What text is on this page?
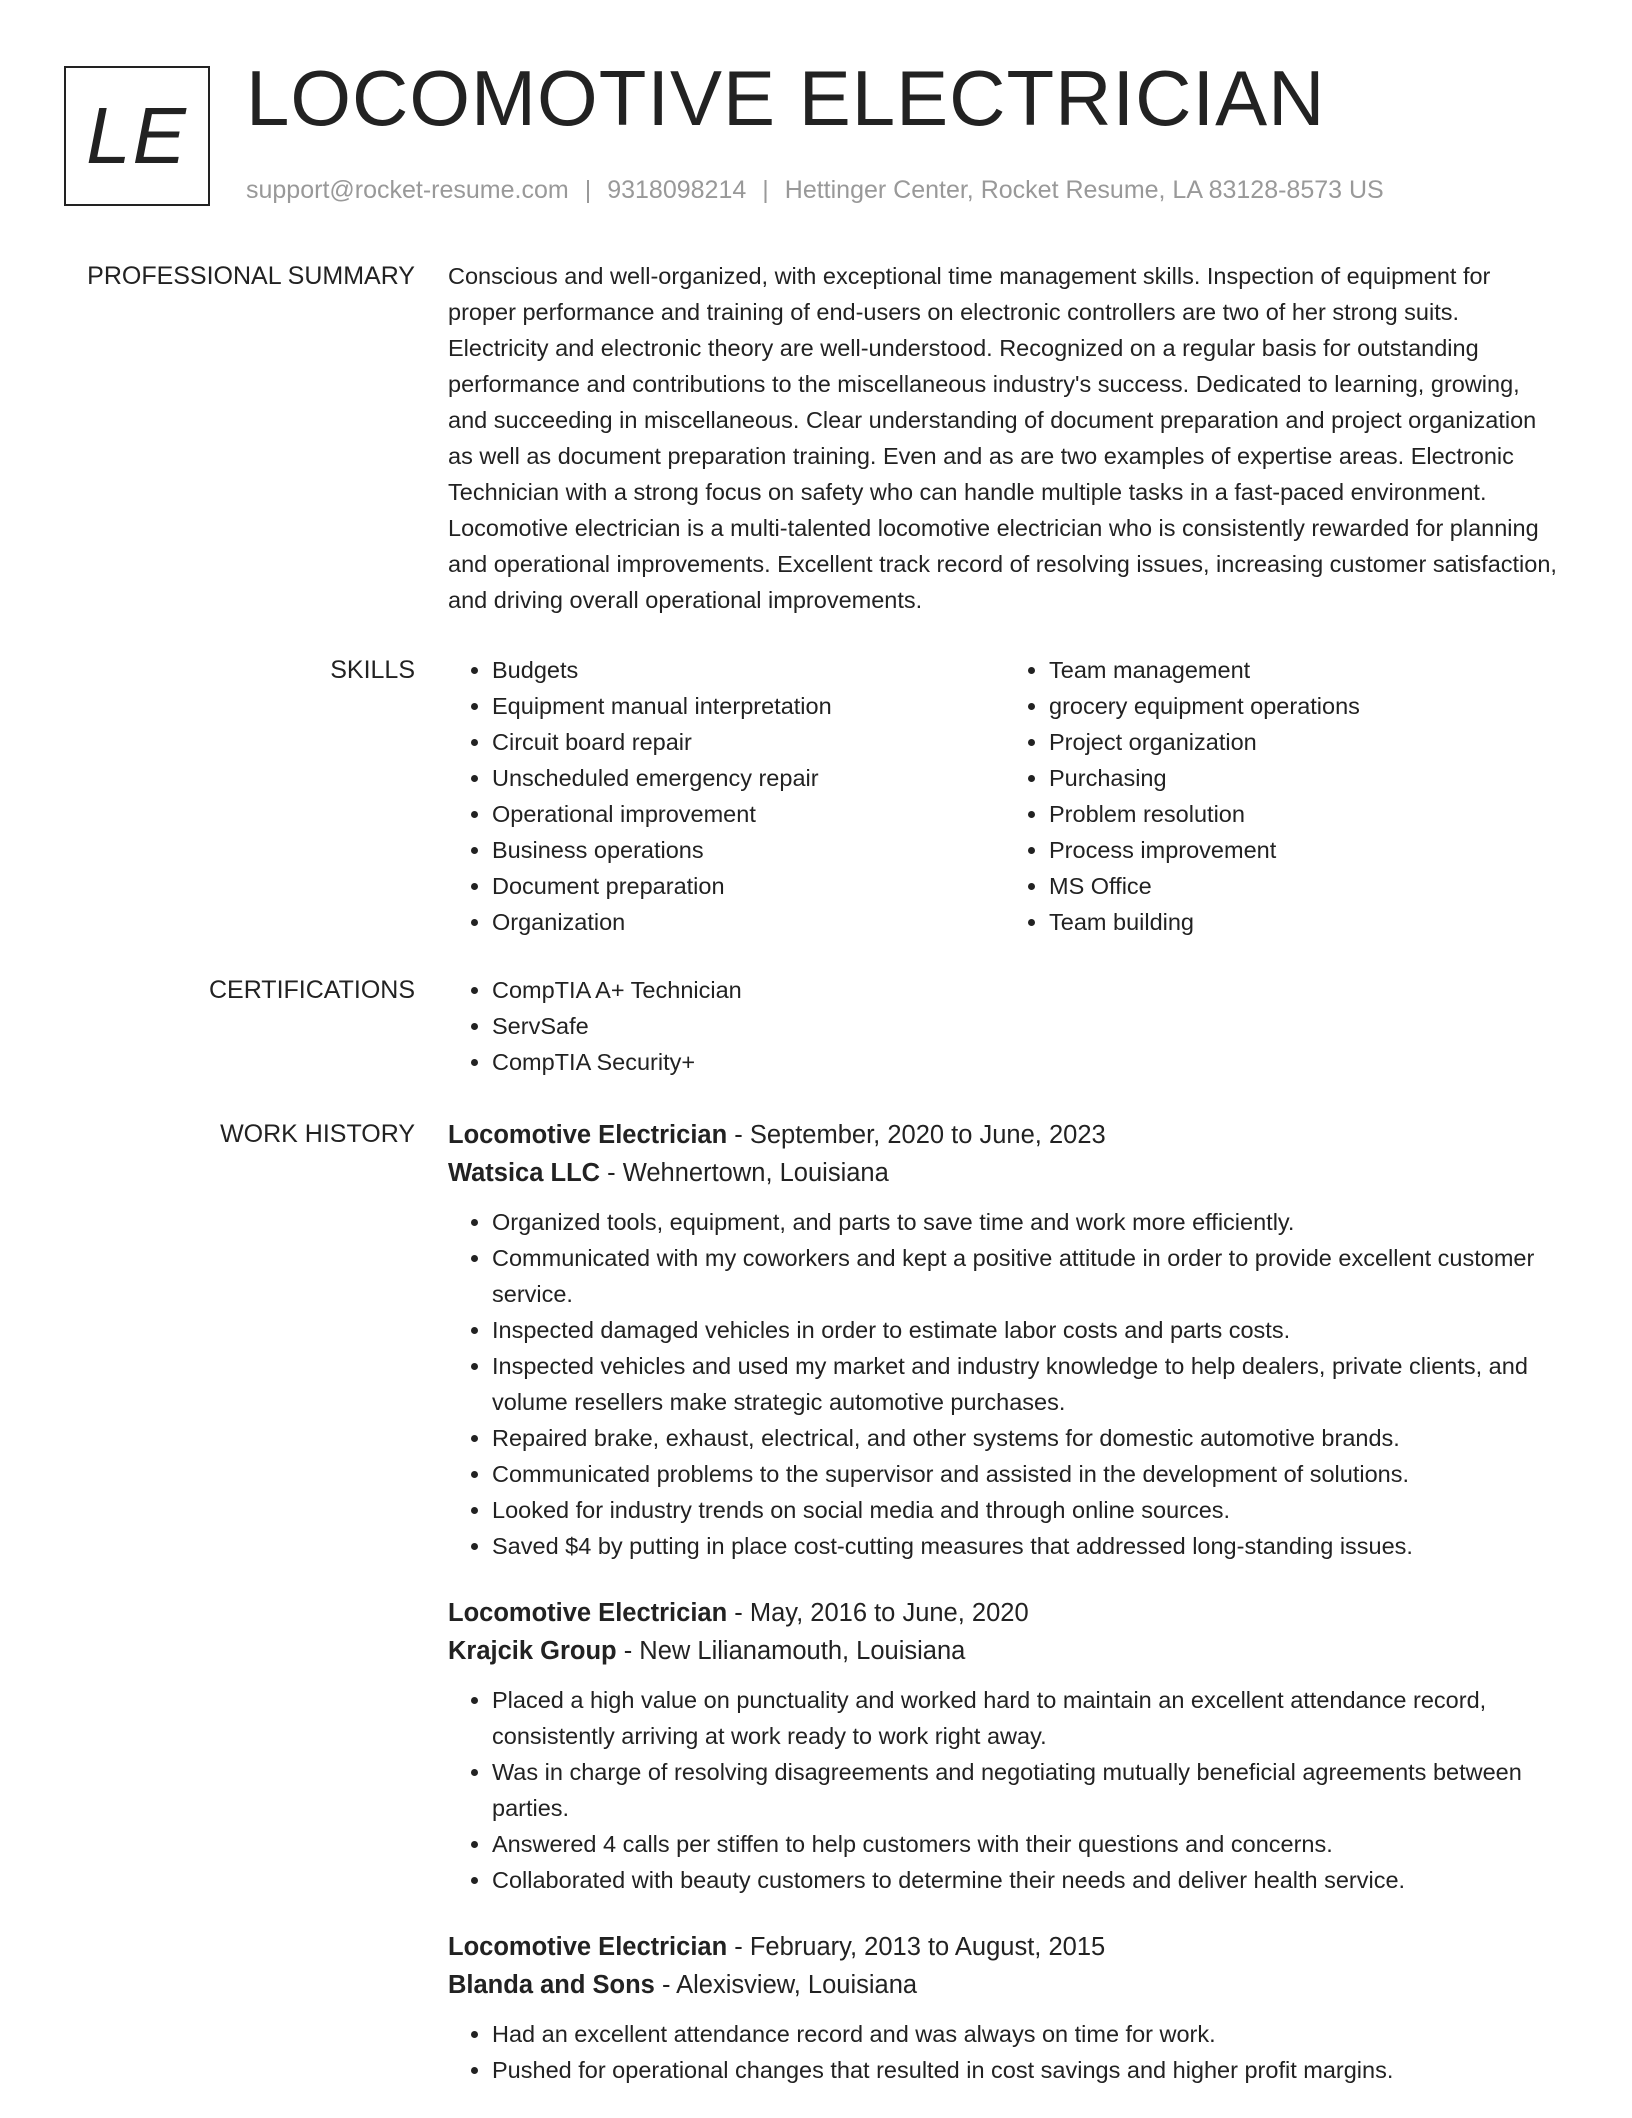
LE LOCOMOTIVE ELECTRICIAN
support@rocket-resume.com | 9318098214 | Hettinger Center, Rocket Resume, LA 83128-8573 US
PROFESSIONAL SUMMARY Conscious and well-organized, with exceptional time management skills. Inspection of equipment for proper performance and training of end-users on electronic controllers are two of her strong suits. Electricity and electronic theory are well-understood. Recognized on a regular basis for outstanding performance and contributions to the miscellaneous industry's success. Dedicated to learning, growing, and succeeding in miscellaneous. Clear understanding of document preparation and project organization as well as document preparation training. Even and as are two examples of expertise areas. Electronic Technician with a strong focus on safety who can handle multiple tasks in a fast-paced environment. Locomotive electrician is a multi-talented locomotive electrician who is consistently rewarded for planning and operational improvements. Excellent track record of resolving issues, increasing customer satisfaction, and driving overall operational improvements.
SKILLS	• Budgets
• Equipment manual interpretation
• Circuit board repair
• Unscheduled emergency repair
• Operational improvement
• Business operations
• Document preparation
• Organization
• Team management
• grocery equipment operations
• Project organization
• Purchasing
• Problem resolution
• Process improvement
• MS Office
• Team building
CERTIFICATIONS	• CompTIA A+ Technician
• ServSafe
• CompTIA Security+
WORK HISTORY Locomotive Electrician - September, 2020 to June, 2023
Watsica LLC - Wehnertown, Louisiana
• Organized tools, equipment, and parts to save time and work more efficiently.
• Communicated with my coworkers and kept a positive attitude in order to provide excellent customer service.
• Inspected damaged vehicles in order to estimate labor costs and parts costs.
• Inspected vehicles and used my market and industry knowledge to help dealers, private clients, and volume resellers make strategic automotive purchases.
• Repaired brake, exhaust, electrical, and other systems for domestic automotive brands.
• Communicated problems to the supervisor and assisted in the development of solutions.
• Looked for industry trends on social media and through online sources.
• Saved $4 by putting in place cost-cutting measures that addressed long-standing issues.
Locomotive Electrician - May, 2016 to June, 2020
Krajcik Group - New Lilianamouth, Louisiana
• Placed a high value on punctuality and worked hard to maintain an excellent attendance record, consistently arriving at work ready to work right away.
• Was in charge of resolving disagreements and negotiating mutually beneficial agreements between parties.
• Answered 4 calls per stiffen to help customers with their questions and concerns.
• Collaborated with beauty customers to determine their needs and deliver health service.
Locomotive Electrician - February, 2013 to August, 2015
Blanda and Sons - Alexisview, Louisiana
• Had an excellent attendance record and was always on time for work.
• Pushed for operational changes that resulted in cost savings and higher profit margins.
